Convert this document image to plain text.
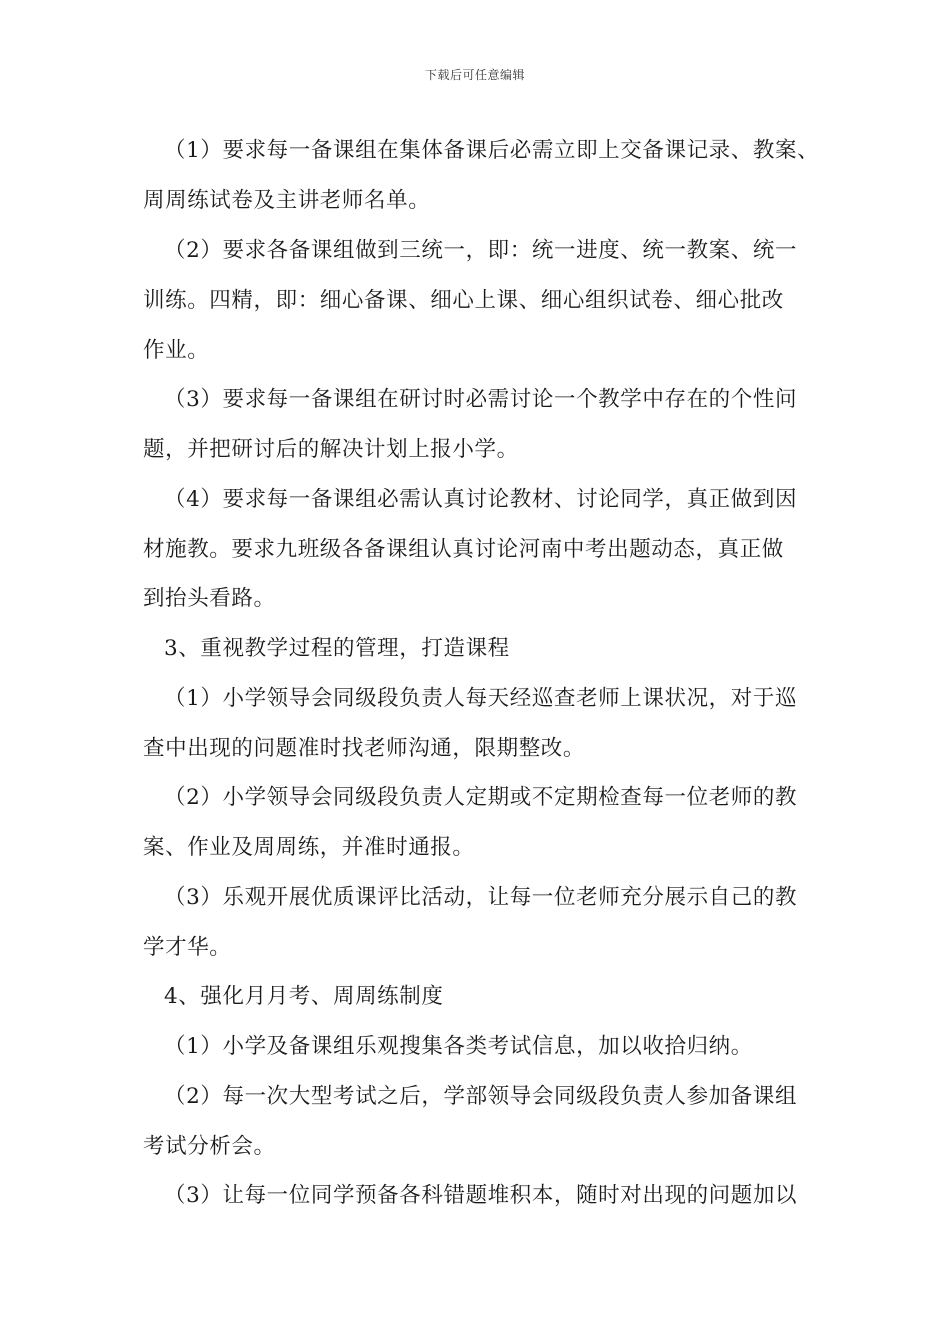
下载后可任意编辑
（1）要求每一备课组在集体备课后必需立即上交备课记录、教案、
周周练试卷及主讲老师名单。
（2）要求各备课组做到三统一，即：统一进度、统一教案、统一
训练。四精，即：细心备课、细心上课、细心组织试卷、细心批改
作业。
（3）要求每一备课组在研讨时必需讨论一个教学中存在的个性问
题，并把研讨后的解决计划上报小学。
（4）要求每一备课组必需认真讨论教材、讨论同学，真正做到因
材施教。要求九班级各备课组认真讨论河南中考出题动态，真正做
到抬头看路。
3、重视教学过程的管理，打造课程
（1）小学领导会同级段负责人每天经巡查老师上课状况，对于巡
查中出现的问题准时找老师沟通，限期整改。
（2）小学领导会同级段负责人定期或不定期检查每一位老师的教
案、作业及周周练，并准时通报。
（3）乐观开展优质课评比活动，让每一位老师充分展示自己的教
学才华。
4、强化月月考、周周练制度
（1）小学及备课组乐观搜集各类考试信息，加以收拾归纳。
（2）每一次大型考试之后，学部领导会同级段负责人参加备课组
考试分析会。
（3）让每一位同学预备各科错题堆积本，随时对出现的问题加以
